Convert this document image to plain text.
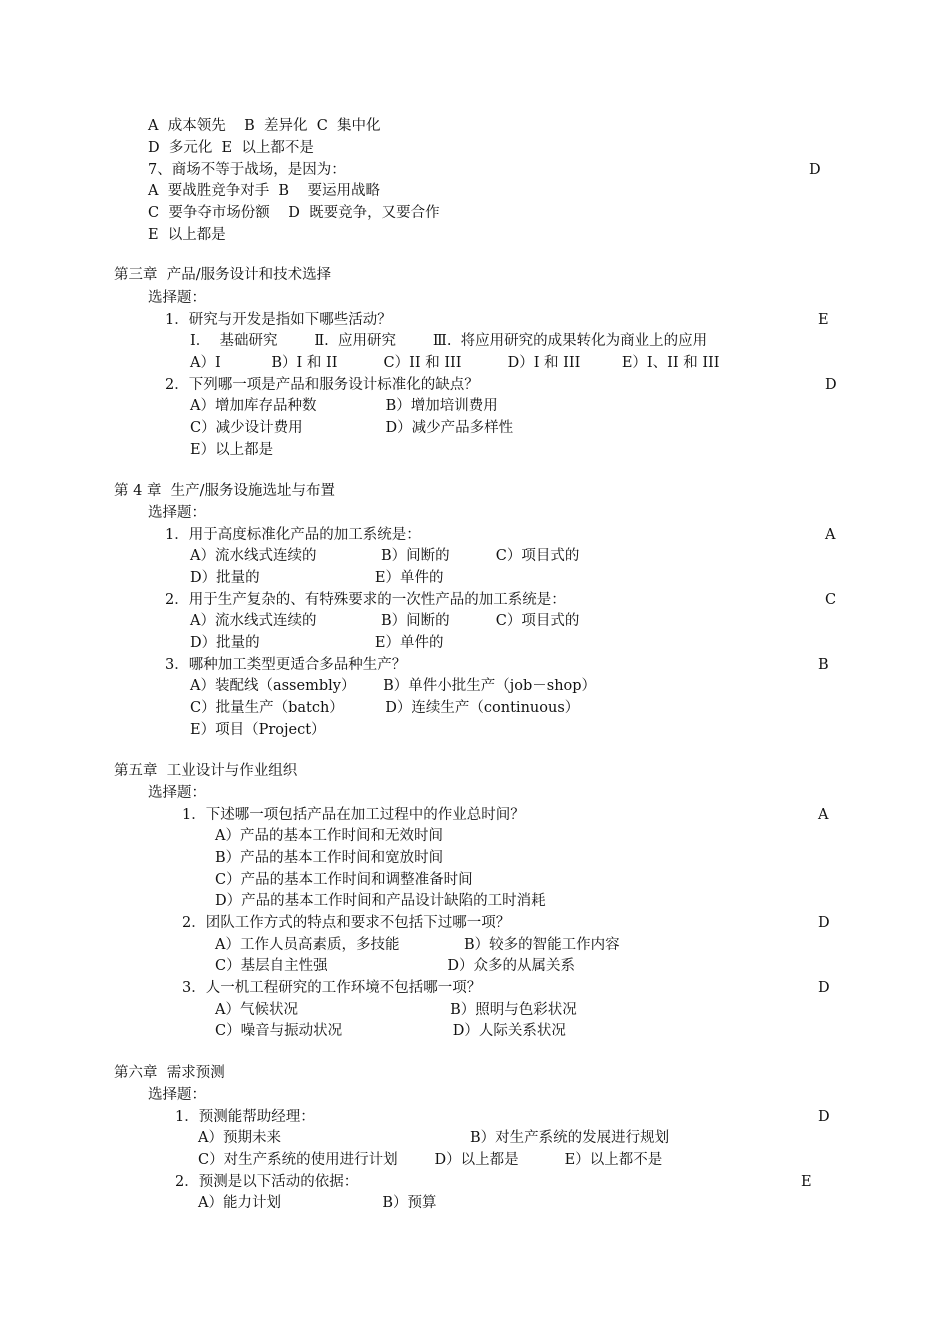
A  成本领先    B  差异化  C  集中化
D  多元化  E  以上都不是
7、商场不等于战场，是因为：	D
A  要战胜竞争对手  B    要运用战略
C  要争夺市场份额    D  既要竞争，又要合作
E  以上都是
第三章  产品/服务设计和技术选择
选择题：
1．研究与开发是指如下哪些活动？	E
Ⅰ．  基础研究        Ⅱ.  应用研究        Ⅲ.  将应用研究的成果转化为商业上的应用
A）I           B）I 和 II          C）II 和 III          D）I 和 III         E）I、II 和 III
2．下列哪一项是产品和服务设计标准化的缺点？	D
A）增加库存品种数               B）增加培训费用
C）减少设计费用                  D）减少产品多样性
E）以上都是
第 4 章  生产/服务设施选址与布置
选择题：
1．用于高度标准化产品的加工系统是：	A
A）流水线式连续的              B）间断的          C）项目式的
D）批量的                         E）单件的
2．用于生产复杂的、有特殊要求的一次性产品的加工系统是：	C
A）流水线式连续的              B）间断的          C）项目式的
D）批量的                         E）单件的
3．哪种加工类型更适合多品种生产？	B
A）装配线（assembly）      B）单件小批生产（job－shop）
C）批量生产（batch）         D）连续生产（continuous）
E）项目（Project）
第五章  工业设计与作业组织
选择题：
1．下述哪一项包括产品在加工过程中的作业总时间？	A
A）产品的基本工作时间和无效时间
B）产品的基本工作时间和宽放时间
C）产品的基本工作时间和调整准备时间
D）产品的基本工作时间和产品设计缺陷的工时消耗
2．团队工作方式的特点和要求不包括下过哪一项？	D
A）工作人员高素质，多技能              B）较多的智能工作内容
C）基层自主性强                          D）众多的从属关系
3．人一机工程研究的工作环境不包括哪一项？	D
A）气候状况                                 B）照明与色彩状况
C）噪音与振动状况                        D）人际关系状况
第六章  需求预测
选择题：
1．预测能帮助经理：	D
A）预期未来                                         B）对生产系统的发展进行规划
C）对生产系统的使用进行计划        D）以上都是          E）以上都不是
2．预测是以下活动的依据：	E
A）能力计划                      B）预算
